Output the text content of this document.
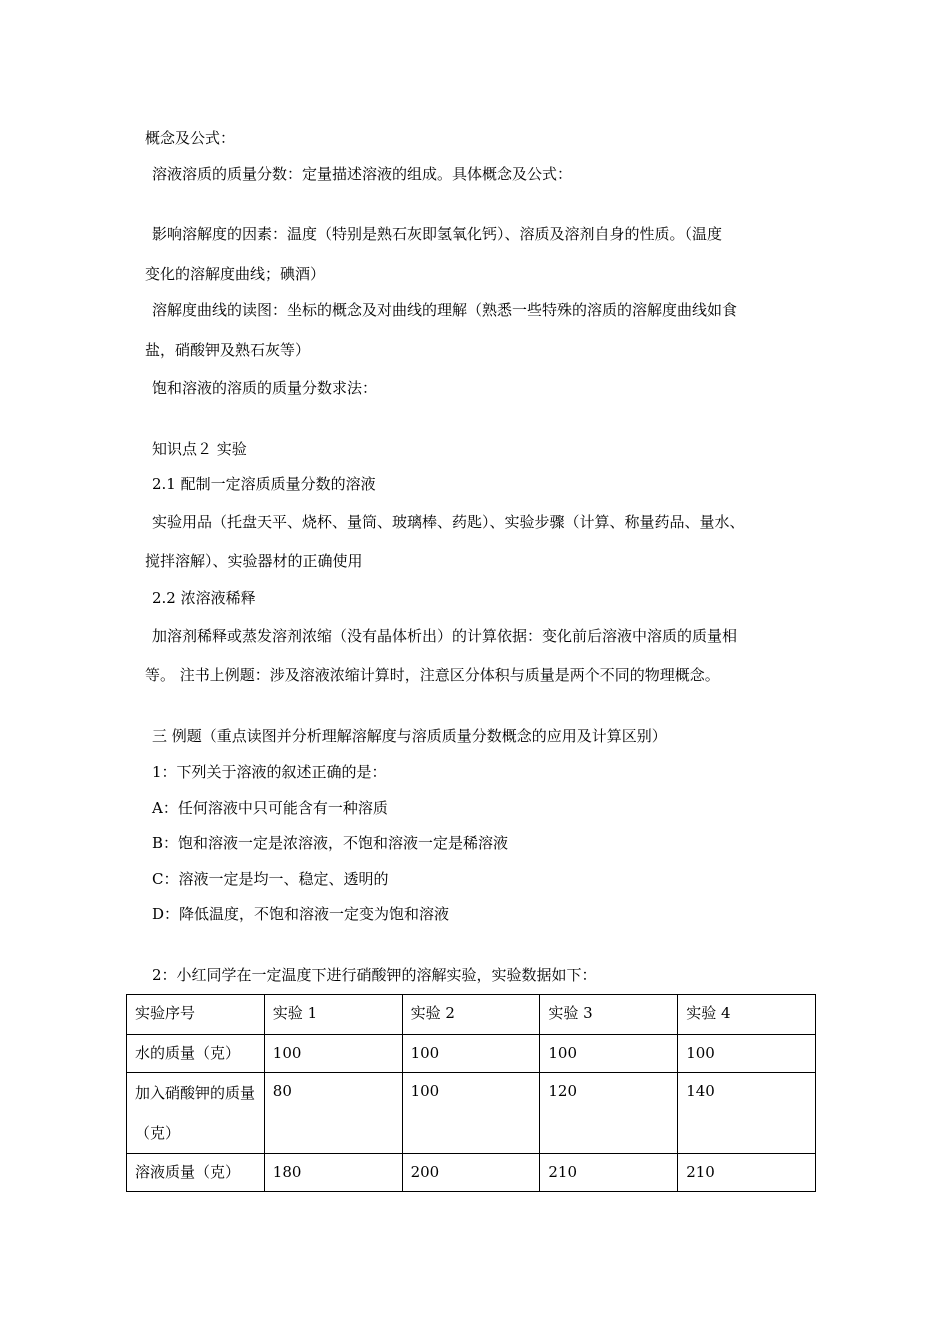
概念及公式：
溶液溶质的质量分数：定量描述溶液的组成。具体概念及公式：
影响溶解度的因素：温度（特别是熟石灰即氢氧化钙）、溶质及溶剂自身的性质。（温度
变化的溶解度曲线；碘酒）
溶解度曲线的读图：坐标的概念及对曲线的理解（熟悉一些特殊的溶质的溶解度曲线如食
盐，硝酸钾及熟石灰等）
饱和溶液的溶质的质量分数求法：
知识点２ 实验
2.1 配制一定溶质质量分数的溶液
实验用品（托盘天平、烧杯、量筒、玻璃棒、药匙）、实验步骤（计算、称量药品、量水、
搅拌溶解）、实验器材的正确使用
2.2 浓溶液稀释
加溶剂稀释或蒸发溶剂浓缩（没有晶体析出）的计算依据：变化前后溶液中溶质的质量相
等。 注书上例题：涉及溶液浓缩计算时，注意区分体积与质量是两个不同的物理概念。
三 例题（重点读图并分析理解溶解度与溶质质量分数概念的应用及计算区别）
1：下列关于溶液的叙述正确的是：
A：任何溶液中只可能含有一种溶质
B：饱和溶液一定是浓溶液，不饱和溶液一定是稀溶液
C：溶液一定是均一、稳定、透明的
D：降低温度，不饱和溶液一定变为饱和溶液
2：小红同学在一定温度下进行硝酸钾的溶解实验，实验数据如下：
实验序号	实验 1	实验 2	实验 3	实验 4
水的质量（克）	100	100	100	100
加入硝酸钾的质量（克）	80	100	120	140
溶液质量（克）	180	200	210	210
